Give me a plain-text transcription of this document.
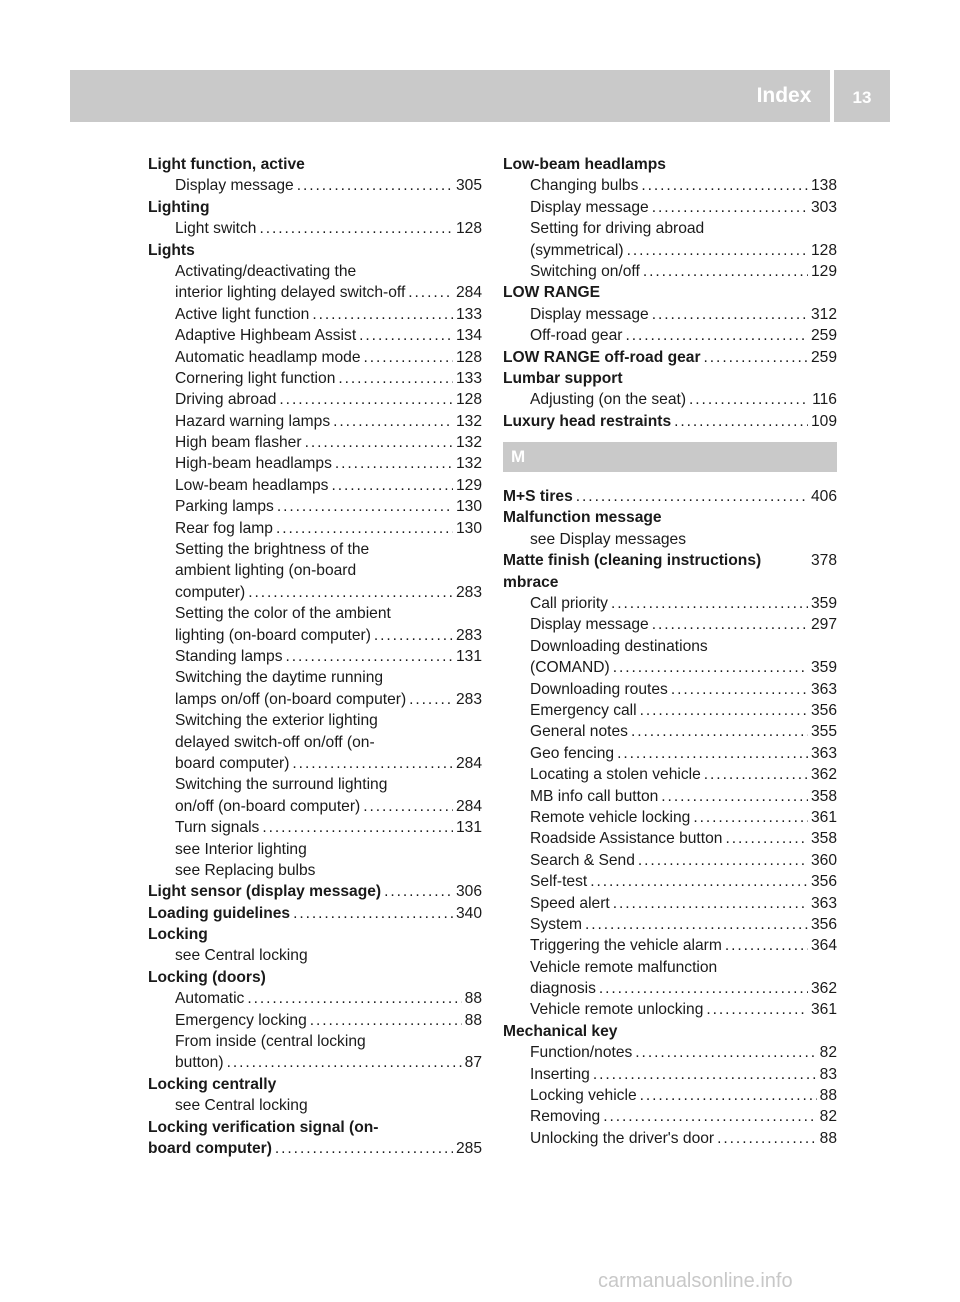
Index	13
Light function, active
Display message . . .	305
Lighting
Light switch . . .	128
Lights
Activating/deactivating the
interior lighting delayed switch-off . . .	284
Active light function . . .	133
Adaptive Highbeam Assist . . .	134
Automatic headlamp mode . . .	128
Cornering light function . . .	133
Driving abroad . . .	128
Hazard warning lamps . . .	132
High beam flasher . . .	132
High-beam headlamps . . .	132
Low-beam headlamps . . .	129
Parking lamps . . .	130
Rear fog lamp . . .	130
Setting the brightness of the
ambient lighting (on-board
computer) . . .	283
Setting the color of the ambient
lighting (on-board computer) . . .	283
Standing lamps . . .	131
Switching the daytime running
lamps on/off (on-board computer) . . .	283
Switching the exterior lighting
delayed switch-off on/off (on-
board computer) . . .	284
Switching the surround lighting
on/off (on-board computer) . . .	284
Turn signals . . .	131
see Interior lighting
see Replacing bulbs
Light sensor (display message) . . .	306
Loading guidelines . . .	340
Locking
see Central locking
Locking (doors)
Automatic . . .	88
Emergency locking . . .	88
From inside (central locking
button) . . .	87
Locking centrally
see Central locking
Locking verification signal (on-
board computer) . . .	285
Low-beam headlamps
Changing bulbs . . .	138
Display message . . .	303
Setting for driving abroad
(symmetrical) . . .	128
Switching on/off . . .	129
LOW RANGE
Display message . . .	312
Off-road gear . . .	259
LOW RANGE off-road gear . . .	259
Lumbar support
Adjusting (on the seat) . . .	116
Luxury head restraints . . .	109
M
M+S tires . . .	406
Malfunction message
see Display messages
Matte finish (cleaning instructions)	378
mbrace
Call priority . . .	359
Display message . . .	297
Downloading destinations
(COMAND) . . .	359
Downloading routes . . .	363
Emergency call . . .	356
General notes . . .	355
Geo fencing . . .	363
Locating a stolen vehicle . . .	362
MB info call button . . .	358
Remote vehicle locking . . .	361
Roadside Assistance button . . .	358
Search & Send . . .	360
Self-test . . .	356
Speed alert . . .	363
System . . .	356
Triggering the vehicle alarm . . .	364
Vehicle remote malfunction
diagnosis . . .	362
Vehicle remote unlocking . . .	361
Mechanical key
Function/notes . . .	82
Inserting . . .	83
Locking vehicle . . .	88
Removing . . .	82
Unlocking the driver's door . . .	88
carmanualsonline.info
